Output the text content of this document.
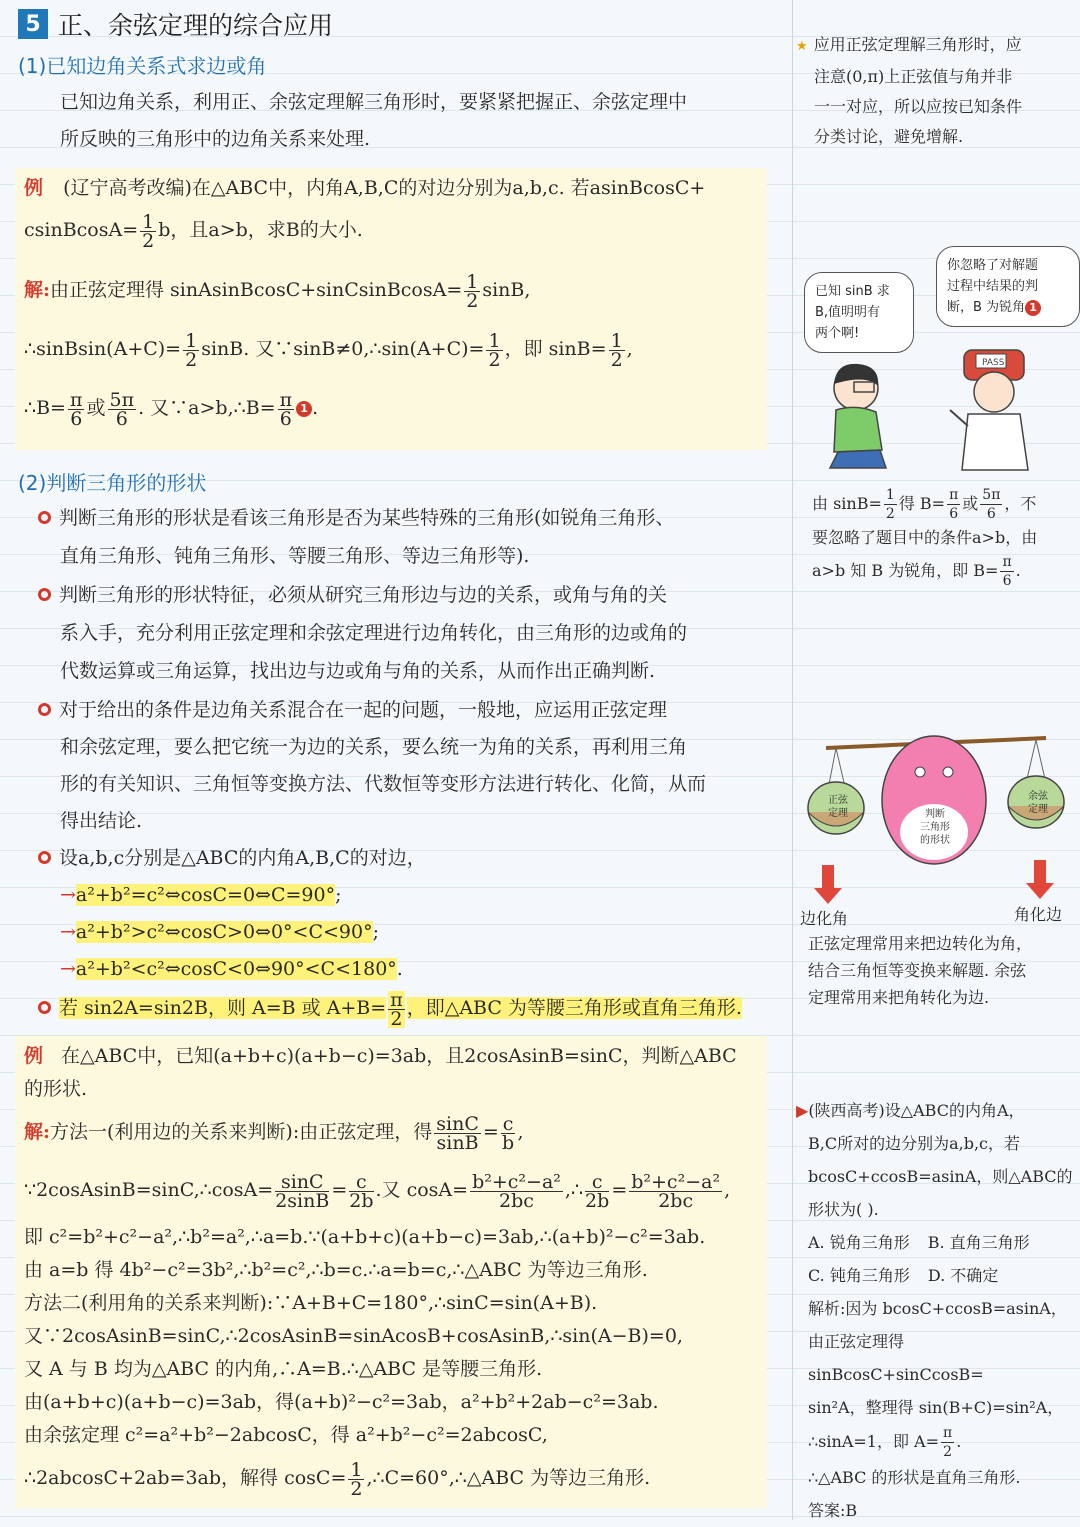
5 正、余弦定理的综合应用
(1)已知边角关系式求边或角
已知边角关系，利用正、余弦定理解三角形时，要紧紧把握正、余弦定理中
所反映的三角形中的边角关系来处理.
例 (辽宁高考改编)在△ABC中，内角A,B,C的对边分别为a,b,c. 若asinBcosC+
csinBcosA= $\frac{1}{2}$ b，且a>b，求B的大小.
解:由正弦定理得 sinAsinBcosC+sinCsinBcosA= $\frac{1}{2} \sin B$,
∴sinBsin(A+C)= $\frac{1}{2} \sin B$. 又∵sinB≠0,∴sin(A+C)= $\frac{1}{2}$ ，即 $\sin B= \frac{1}{2}$ ,
∴B= $\frac{\pi}{6}$ 或 $\frac{5\pi}{6}$ . 又∵a>b,∴B= $\frac{\pi}{6} 1$ .
(2)判断三角形的形状
判断三角形的形状是看该三角形是否为某些特殊的三角形(如锐角三角形、
直角三角形、钝角三角形、等腰三角形、等边三角形等).
判断三角形的形状特征，必须从研究三角形边与边的关系，或角与角的关
系入手，充分利用正弦定理和余弦定理进行边角转化，由三角形的边或角的
代数运算或三角运算，找出边与边或角与角的关系，从而作出正确判断.
对于给出的条件是边角关系混合在一起的问题，一般地，应运用正弦定理
和余弦定理，要么把它统一为边的关系，要么统一为角的关系，再利用三角
形的有关知识、三角恒等变换方法、代数恒等变形方法进行转化、化简，从而
得出结论.
设a,b,c分别是△ABC的内角A,B,C的对边，
→a²+b²=c²⇔cosC=0⇔C=90°;
→a²+b²>c²⇔cosC>0⇔0°<C<90°;
→a²+b²<c²⇔cosC<0⇔90°<C<180°.
若 sin2A=sin2B，则 A=B 或 $A+B= \frac{\pi}{2}$ ，即△ABC 为等腰三角形或直角三角形.
例 在△ABC中，已知(a+b+c)(a+b−c)=3ab，且2cosAsinB=sinC，判断△ABC
的形状.
解:方法一(利用边的关系来判断):由正弦定理，得 $\frac{\sin C}{\sin B} = \frac{c}{b}$ ,
∵2cosAsinB=sinC,∴cosA= $\frac{\sin C}{2\sin B} = \frac{c}{2b}$ .又 $\cos A= \frac{\text{b²+c²−a²}}{2bc}$ ,∴ $\frac{c}{2b} = \frac{\text{b²+c²−a²}}{2bc}$ ,
即 c²=b²+c²−a²,∴b²=a²,∴a=b.∵(a+b+c)(a+b−c)=3ab,∴(a+b)²−c²=3ab.
由 a=b 得 4b²−c²=3b²,∴b²=c²,∴b=c.∴a=b=c,∴△ABC 为等边三角形.
方法二(利用角的关系来判断):∵A+B+C=180°,∴sinC=sin(A+B).
又∵2cosAsinB=sinC,∴2cosAsinB=sinAcosB+cosAsinB,∴sin(A−B)=0,
又 A 与 B 均为△ABC 的内角,∴A=B.∴△ABC 是等腰三角形.
由(a+b+c)(a+b−c)=3ab，得(a+b)²−c²=3ab，a²+b²+2ab−c²=3ab.
由余弦定理 c²=a²+b²−2abcosC，得 a²+b²−c²=2abcosC,
∴2abcosC+2ab=3ab，解得 $\cos C= \frac{1}{2}$ ,∴C=60°,∴△ABC 为等边三角形.
★ 应用正弦定理解三角形时，应
注意(0,π)上正弦值与角并非
一一对应，所以应按已知条件
分类讨论，避免增解.
已知 sinB 求
B,值明明有
两个啊!
你忽略了对解题
过程中结果的判
断，B 为锐角 1
PASS
由 $\sin B= \frac{1}{2}$ 得 $B= \frac{\pi}{6}$ 或 $\frac{5\pi}{6}$ ，不
要忽略了题目中的条件a>b，由
a>b 知 B 为锐角，即 $B= \frac{\pi}{6}$ .
正弦
定理	判断
三角形
的形状
余弦
定理
边化角	角化边
正弦定理常用来把边转化为角，
结合三角恒等变换来解题. 余弦
定理常用来把角转化为边.
▶(陕西高考)设△ABC的内角A，
B,C所对的边分别为a,b,c，若
bcosC+ccosB=asinA，则△ABC的
形状为( ).
A. 锐角三角形 B. 直角三角形
C. 钝角三角形 D. 不确定
解析:因为 bcosC+ccosB=asinA，
由正弦定理得 sinBcosC+sinCcosB=
sin²A，整理得 sin(B+C)=sin²A，
∴sinA=1，即 $A= \frac{\pi}{2}$ .
∴△ABC 的形状是直角三角形.
答案:B
